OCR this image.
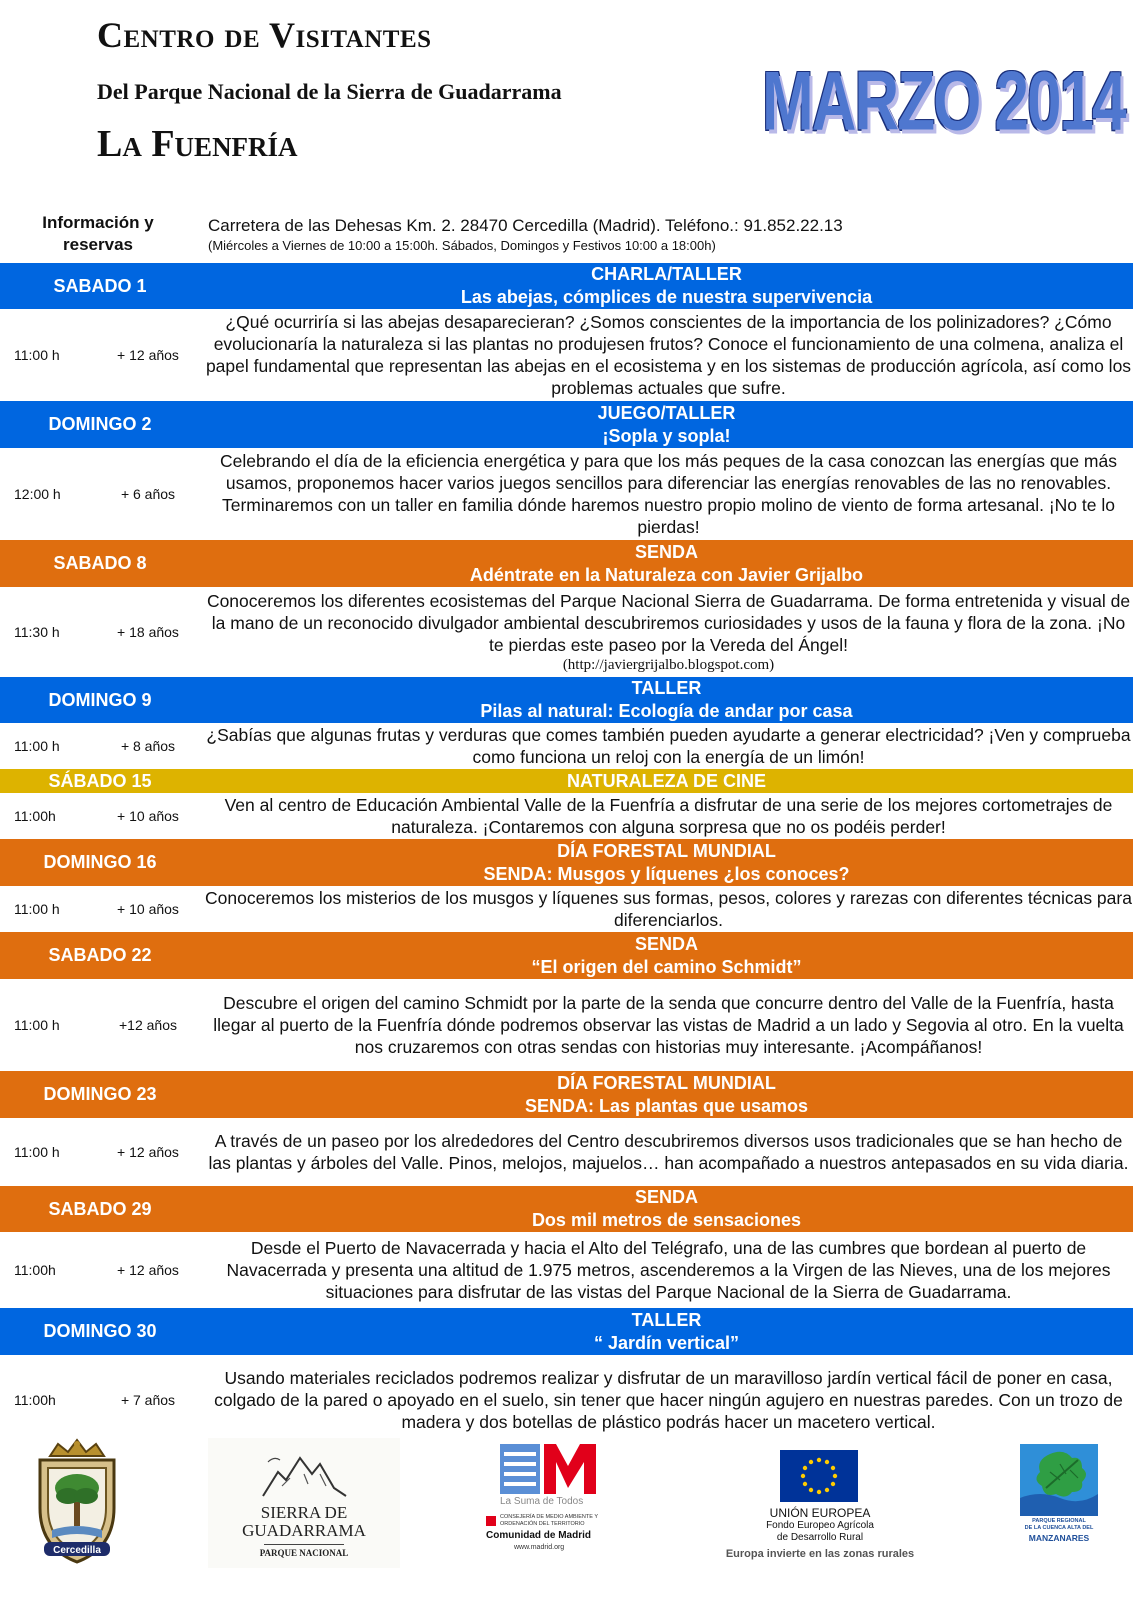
Centro de Visitantes
Del Parque Nacional de la Sierra de Guadarrama
La Fuenfría	MARZO 2014
Información y reservas
Carretera de las Dehesas Km. 2. 28470 Cercedilla (Madrid). Teléfono.: 91.852.22.13
(Miércoles a Viernes de 10:00 a 15:00h. Sábados, Domingos y Festivos 10:00 a 18:00h)
SABADO 1
CHARLA/TALLER
Las abejas, cómplices de nuestra supervivencia
11:00 h	+ 12 años
¿Qué ocurriría si las abejas desaparecieran? ¿Somos conscientes de la importancia de los polinizadores? ¿Cómo evolucionaría la naturaleza si las plantas no produjesen frutos? Conoce el funcionamiento de una colmena, analiza el papel fundamental que representan las abejas en el ecosistema y en los sistemas de producción agrícola, así como los problemas actuales que sufre.
DOMINGO 2
JUEGO/TALLER
¡Sopla y sopla!
12:00 h	+ 6 años
Celebrando el día de la eficiencia energética y para que los más peques de la casa conozcan las energías que más usamos, proponemos hacer varios juegos sencillos para diferenciar las energías renovables de las no renovables. Terminaremos con un taller en familia dónde haremos nuestro propio molino de viento de forma artesanal. ¡No te lo pierdas!
SABADO 8
SENDA
Adéntrate en la Naturaleza con Javier Grijalbo
11:30 h	+ 18 años
Conoceremos los diferentes ecosistemas del Parque Nacional Sierra de Guadarrama. De forma entretenida y visual de la mano de un reconocido divulgador ambiental descubriremos curiosidades y usos de la fauna y flora de la zona. ¡No te pierdas este paseo por la Vereda del Ángel!
(http://javiergrijalbo.blogspot.com)
DOMINGO 9
TALLER
Pilas al natural: Ecología de andar por casa
11:00 h	+ 8 años
¿Sabías que algunas frutas y verduras que comes también pueden ayudarte a generar electricidad? ¡Ven y comprueba como funciona un reloj con la energía de un limón!
SÁBADO 15	NATURALEZA DE CINE
11:00h	+ 10 años
Ven al centro de Educación Ambiental Valle de la Fuenfría a disfrutar de una serie de los mejores cortometrajes de naturaleza. ¡Contaremos con alguna sorpresa que no os podéis perder!
DOMINGO 16
DÍA FORESTAL MUNDIAL
SENDA: Musgos y líquenes ¿los conoces?
11:00 h	+ 10 años
Conoceremos los misterios de los musgos y líquenes sus formas, pesos, colores y rarezas con diferentes técnicas para diferenciarlos.
SABADO 22
SENDA
“El origen del camino Schmidt”
11:00 h	+12 años
Descubre el origen del camino Schmidt por la parte de la senda que concurre dentro del Valle de la Fuenfría, hasta llegar al puerto de la Fuenfría dónde podremos observar las vistas de Madrid a un lado y Segovia al otro. En la vuelta nos cruzaremos con otras sendas con historias muy interesante. ¡Acompáñanos!
DOMINGO 23
DÍA FORESTAL MUNDIAL
SENDA: Las plantas que usamos
11:00 h	+ 12 años
A través de un paseo por los alrededores del Centro descubriremos diversos usos tradicionales que se han hecho de las plantas y árboles del Valle. Pinos, melojos, majuelos… han acompañado a nuestros antepasados en su vida diaria.
SABADO 29
SENDA
Dos mil metros de sensaciones
11:00h	+ 12 años
Desde el Puerto de Navacerrada y hacia el Alto del Telégrafo, una de las cumbres que bordean al puerto de Navacerrada y presenta una altitud de 1.975 metros, ascenderemos a la Virgen de las Nieves, una de los mejores situaciones para disfrutar de las vistas del Parque Nacional de la Sierra de Guadarrama.
DOMINGO 30
TALLER
“ Jardín vertical”
11:00h	+ 7 años
Usando materiales reciclados podremos realizar y disfrutar de un maravilloso jardín vertical fácil de poner en casa, colgado de la pared o apoyado en el suelo, sin tener que hacer ningún agujero en nuestras paredes. Con un trozo de madera y dos botellas de plástico podrás hacer un macetero vertical.
Cercedilla
SIERRA DE
GUADARRAMA
PARQUE NACIONAL
La Suma de Todos
CONSEJERÍA DE MEDIO AMBIENTE Y ORDENACIÓN DEL TERRITORIO
Comunidad de Madrid
www.madrid.org
UNIÓN EUROPEA
Fondo Europeo Agrícola
de Desarrollo Rural
Europa invierte en las zonas rurales
PARQUE REGIONAL
DE LA CUENCA ALTA DEL
MANZANARES
